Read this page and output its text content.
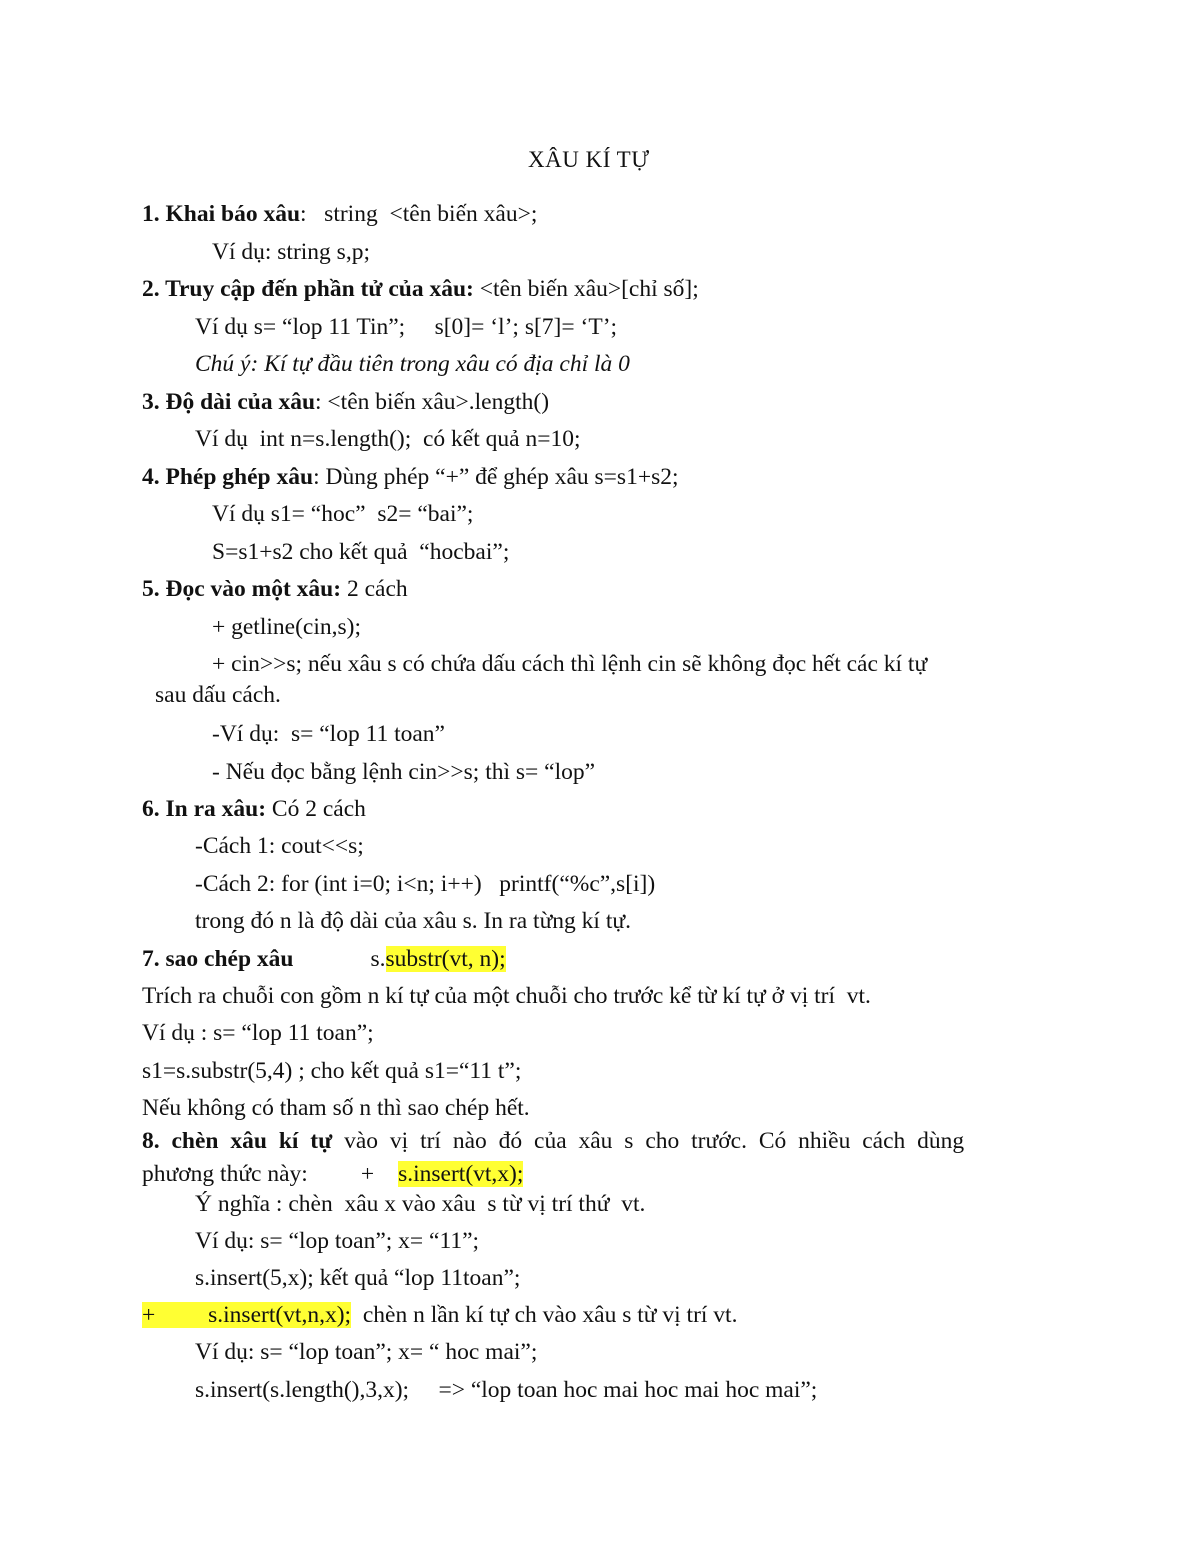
XÂU KÍ TỰ
1. Khai báo xâu:   string  <tên biến xâu>;
Ví dụ: string s,p;
2. Truy cập đến phần tử của xâu: <tên biến xâu>[chỉ số];
Ví dụ s= “lop 11 Tin”;     s[0]= ‘l’; s[7]= ‘T’;
Chú ý: Kí tự đầu tiên trong xâu có địa chỉ là 0
3. Độ dài của xâu: <tên biến xâu>.length()
Ví dụ  int n=s.length();  có kết quả n=10;
4. Phép ghép xâu: Dùng phép “+” để ghép xâu s=s1+s2;
Ví dụ s1= “hoc”  s2= “bai”;
S=s1+s2 cho kết quả  “hocbai”;
5. Đọc vào một xâu: 2 cách
+ getline(cin,s);
+ cin>>s; nếu xâu s có chứa dấu cách thì lệnh cin sẽ không đọc hết các kí tự
sau dấu cách.
-Ví dụ:  s= “lop 11 toan”
- Nếu đọc bằng lệnh cin>>s; thì s= “lop”
6. In ra xâu: Có 2 cách
-Cách 1: cout<<s;
-Cách 2: for (int i=0; i<n; i++)   printf(“%c”,s[i])
trong đó n là độ dài của xâu s. In ra từng kí tự.
7. sao chép xâu	s.substr(vt, n);
Trích ra chuỗi con gồm n kí tự của một chuỗi cho trước kể từ kí tự ở vị trí  vt.
Ví dụ : s= “lop 11 toan”;
s1=s.substr(5,4) ; cho kết quả s1=“11 t”;
Nếu không có tham số n thì sao chép hết.
8. chèn xâu kí tự vào vị trí nào đó của xâu s cho trước. Có nhiều cách dùng
phương thức này: + s.insert(vt,x);
Ý nghĩa : chèn  xâu x vào xâu  s từ vị trí thứ  vt.
Ví dụ: s= “lop toan”; x= “11”;
s.insert(5,x); kết quả “lop 11toan”;
+         s.insert(vt,n,x);  chèn n lần kí tự ch vào xâu s từ vị trí vt.
Ví dụ: s= “lop toan”; x= “ hoc mai”;
s.insert(s.length(),3,x);     => “lop toan hoc mai hoc mai hoc mai”;
